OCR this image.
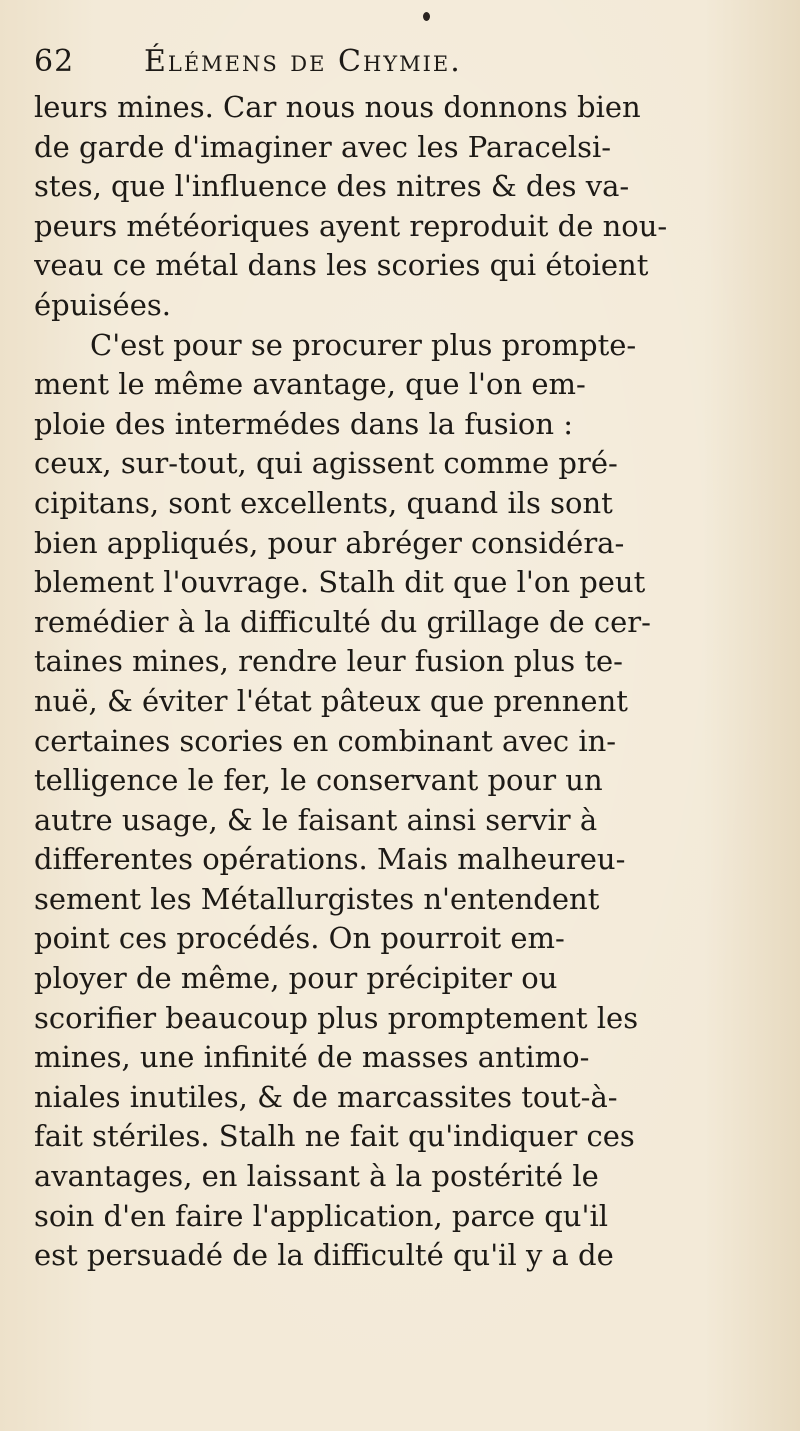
62 Élémens de Chymie.
leurs mines. Car nous nous donnons bien
de garde d'imaginer avec les Paracelsi-
stes, que l'influence des nitres & des va-
peurs météoriques ayent reproduit de nou-
veau ce métal dans les scories qui étoient
épuisées.
C'est pour se procurer plus prompte-
ment le même avantage, que l'on em-
ploie des intermédes dans la fusion :
ceux, sur-tout, qui agissent comme pré-
cipitans, sont excellents, quand ils sont
bien appliqués, pour abréger considéra-
blement l'ouvrage. Stalh dit que l'on peut
remédier à la difficulté du grillage de cer-
taines mines, rendre leur fusion plus te-
nuë, & éviter l'état pâteux que prennent
certaines scories en combinant avec in-
telligence le fer, le conservant pour un
autre usage, & le faisant ainsi servir à
differentes opérations. Mais malheureu-
sement les Métallurgistes n'entendent
point ces procédés. On pourroit em-
ployer de même, pour précipiter ou
scorifier beaucoup plus promptement les
mines, une infinité de masses antimo-
niales inutiles, & de marcassites tout-à-
fait stériles. Stalh ne fait qu'indiquer ces
avantages, en laissant à la postérité le
soin d'en faire l'application, parce qu'il
est persuadé de la difficulté qu'il y a de
